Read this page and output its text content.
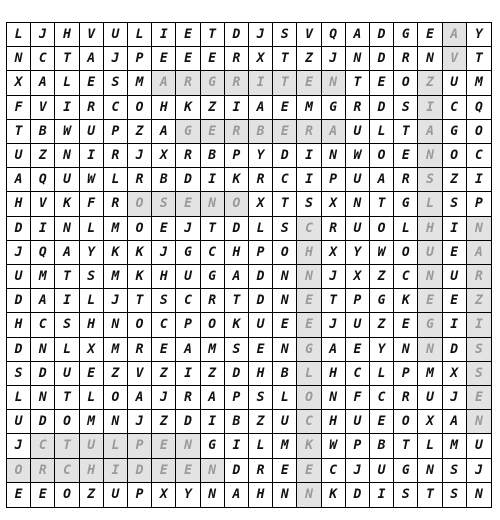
L	J	H	V	U	L	I	E	T	D	J	S	V	Q	A	D	G	E	A	Y
N	C	T	A	J	P	E	E	E	R	X	T	Z	J	N	D	R	N	V	T
X	A	L	E	S	M	A	R	G	R	I	T	E	N	T	E	O	Z	U	M
F	V	I	R	C	O	H	K	Z	I	A	E	M	G	R	D	S	I	C	Q
T	B	W	U	P	Z	A	G	E	R	B	E	R	A	U	L	T	A	G	O
U	Z	N	I	R	J	X	R	B	P	Y	D	I	N	W	O	E	N	O	C
A	Q	U	W	L	R	B	D	I	K	R	C	I	P	U	A	R	S	Z	I
H	V	K	F	R	O	S	E	N	O	X	T	S	X	N	T	G	L	S	P
D	I	N	L	M	O	E	J	T	D	L	S	C	R	U	O	L	H	I	N
J	Q	A	Y	K	K	J	G	C	H	P	O	H	X	Y	W	O	U	E	A
U	M	T	S	M	K	H	U	G	A	D	N	N	J	X	Z	C	N	U	R
D	A	I	L	J	T	S	C	R	T	D	N	E	T	P	G	K	E	E	Z
H	C	S	H	N	O	C	P	O	K	U	E	E	J	U	Z	E	G	I	I
D	N	L	X	M	R	E	A	M	S	E	N	G	A	E	Y	N	N	D	S
S	D	U	E	Z	V	Z	I	Z	D	H	B	L	H	C	L	P	M	X	S
L	N	T	L	O	A	J	R	A	P	S	L	O	N	F	C	R	U	J	E
U	D	O	M	N	J	Z	D	I	B	Z	U	C	H	U	E	O	X	A	N
J	C	T	U	L	P	E	N	G	I	L	M	K	W	P	B	T	L	M	U
O	R	C	H	I	D	E	E	N	D	R	E	E	C	J	U	G	N	S	J
E	E	O	Z	U	P	X	Y	N	A	H	N	N	K	D	I	S	T	S	N
